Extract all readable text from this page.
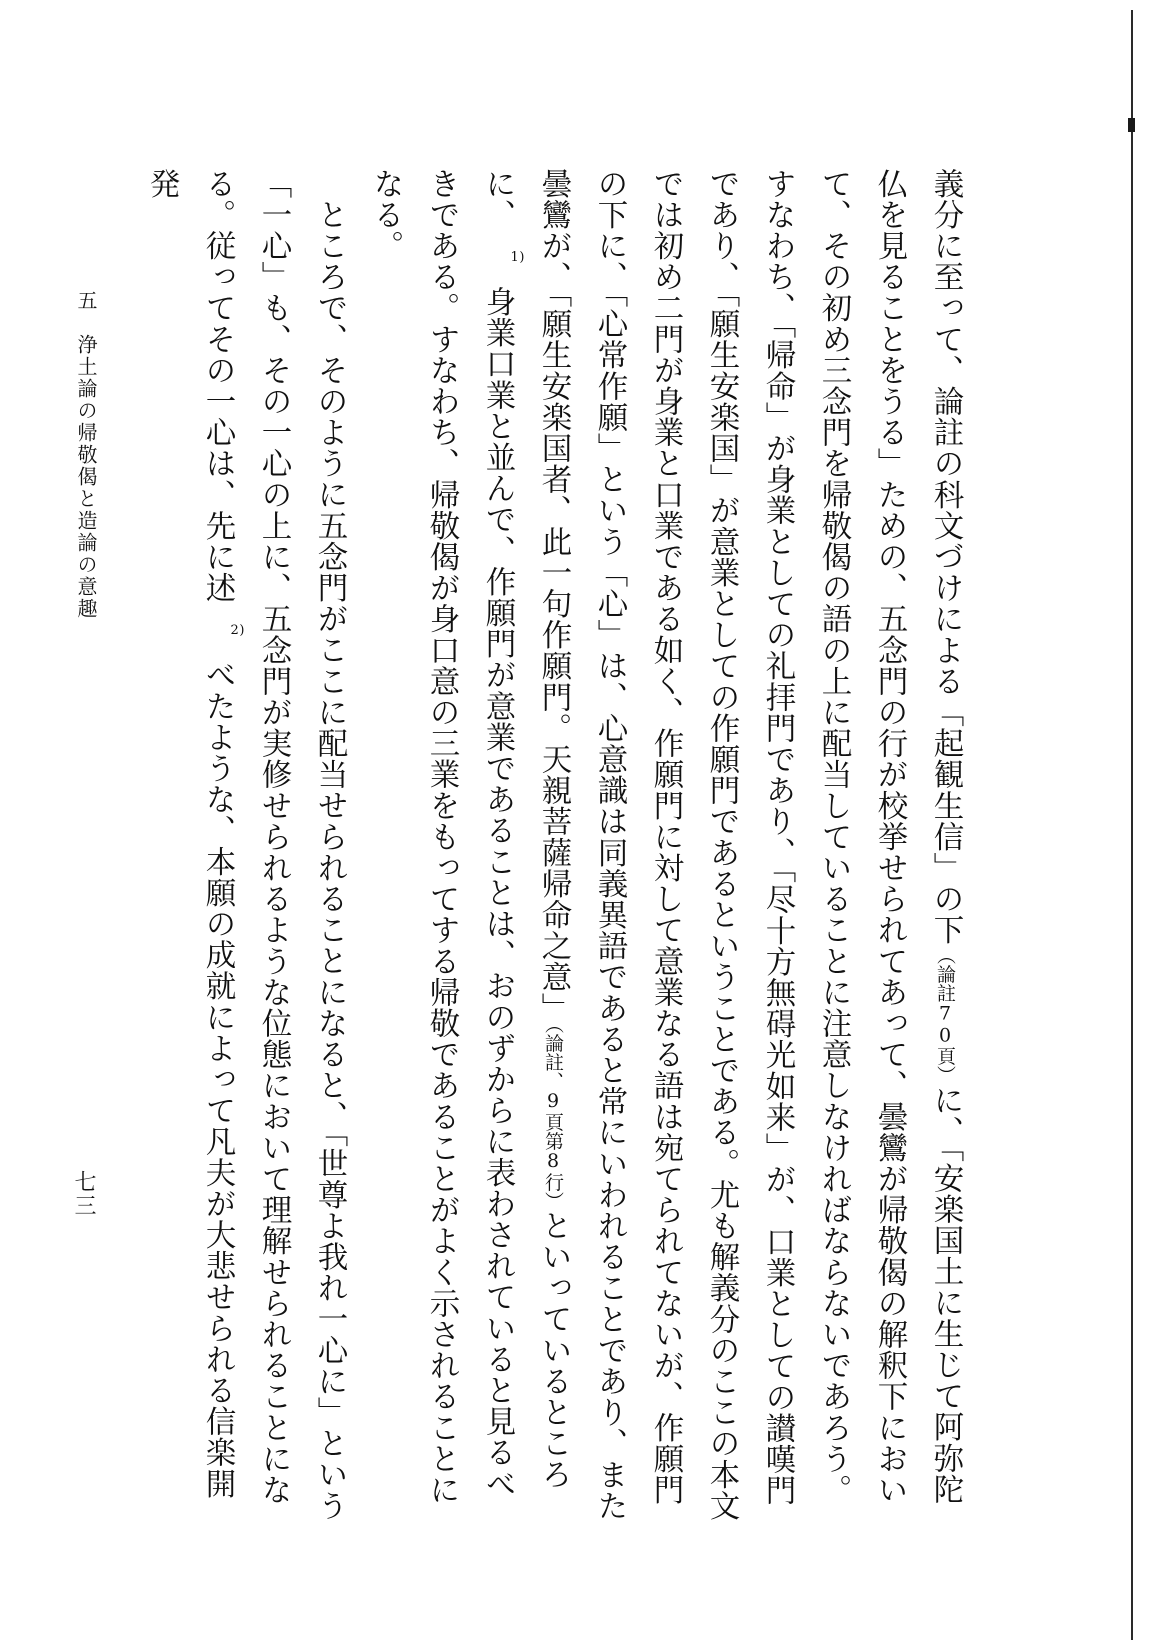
義分に至って、論註の科文づけによる「起観生信」の下（論註70頁）に、「安楽国土に生じて阿弥陀仏を見ることをうる」ための、五念門の行が校挙せられてあって、曇鸞が帰敬偈の解釈下において、その初め三念門を帰敬偈の語の上に配当していることに注意しなければならないであろう。すなわち、「帰命」が身業としての礼拝門であり、「尽十方無碍光如来」が、口業としての讃嘆門であり、「願生安楽国」が意業としての作願門であるということである。尤も解義分のここの本文では初め二門が身業と口業である如く、作願門に対して意業なる語は宛てられてないが、作願門の下に、「心常作願」という「心」は、心意識は同義異語であると常にいわれることであり、また曇鸞が、「願生安楽国者、此一句作願門。天親菩薩帰命之意」（論註、9頁第8行）といっているところに、1)身業口業と並んで、作願門が意業であることは、おのずからに表わされていると見るべきである。すなわち、帰敬偈が身口意の三業をもってする帰敬であることがよく示されることになる。

ところで、そのように五念門がここに配当せられることになると、「世尊よ我れ一心に」という「一心」も、その一心の上に、五念門が実修せられるような位態において理解せられることになる。従ってその一心は、先に述2)べたような、本願の成就によって凡夫が大悲せられる信楽開発

五　浄土論の帰敬偈と造論の意趣

七三
